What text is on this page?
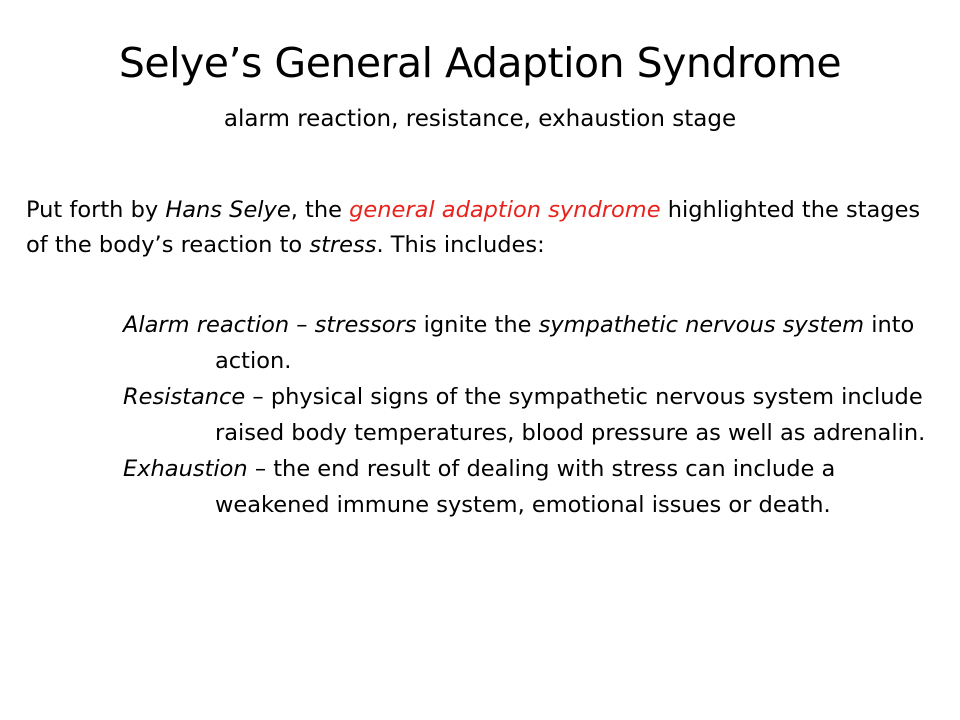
Selye’s General Adaption Syndrome
alarm reaction, resistance, exhaustion stage

Put forth by Hans Selye, the general adaption syndrome highlighted the stages of the body’s reaction to stress. This includes:

Alarm reaction – stressors ignite the sympathetic nervous system into action.

Resistance – physical signs of the sympathetic nervous system include raised body temperatures, blood pressure as well as adrenalin.

Exhaustion – the end result of dealing with stress can include a weakened immune system, emotional issues or death.
